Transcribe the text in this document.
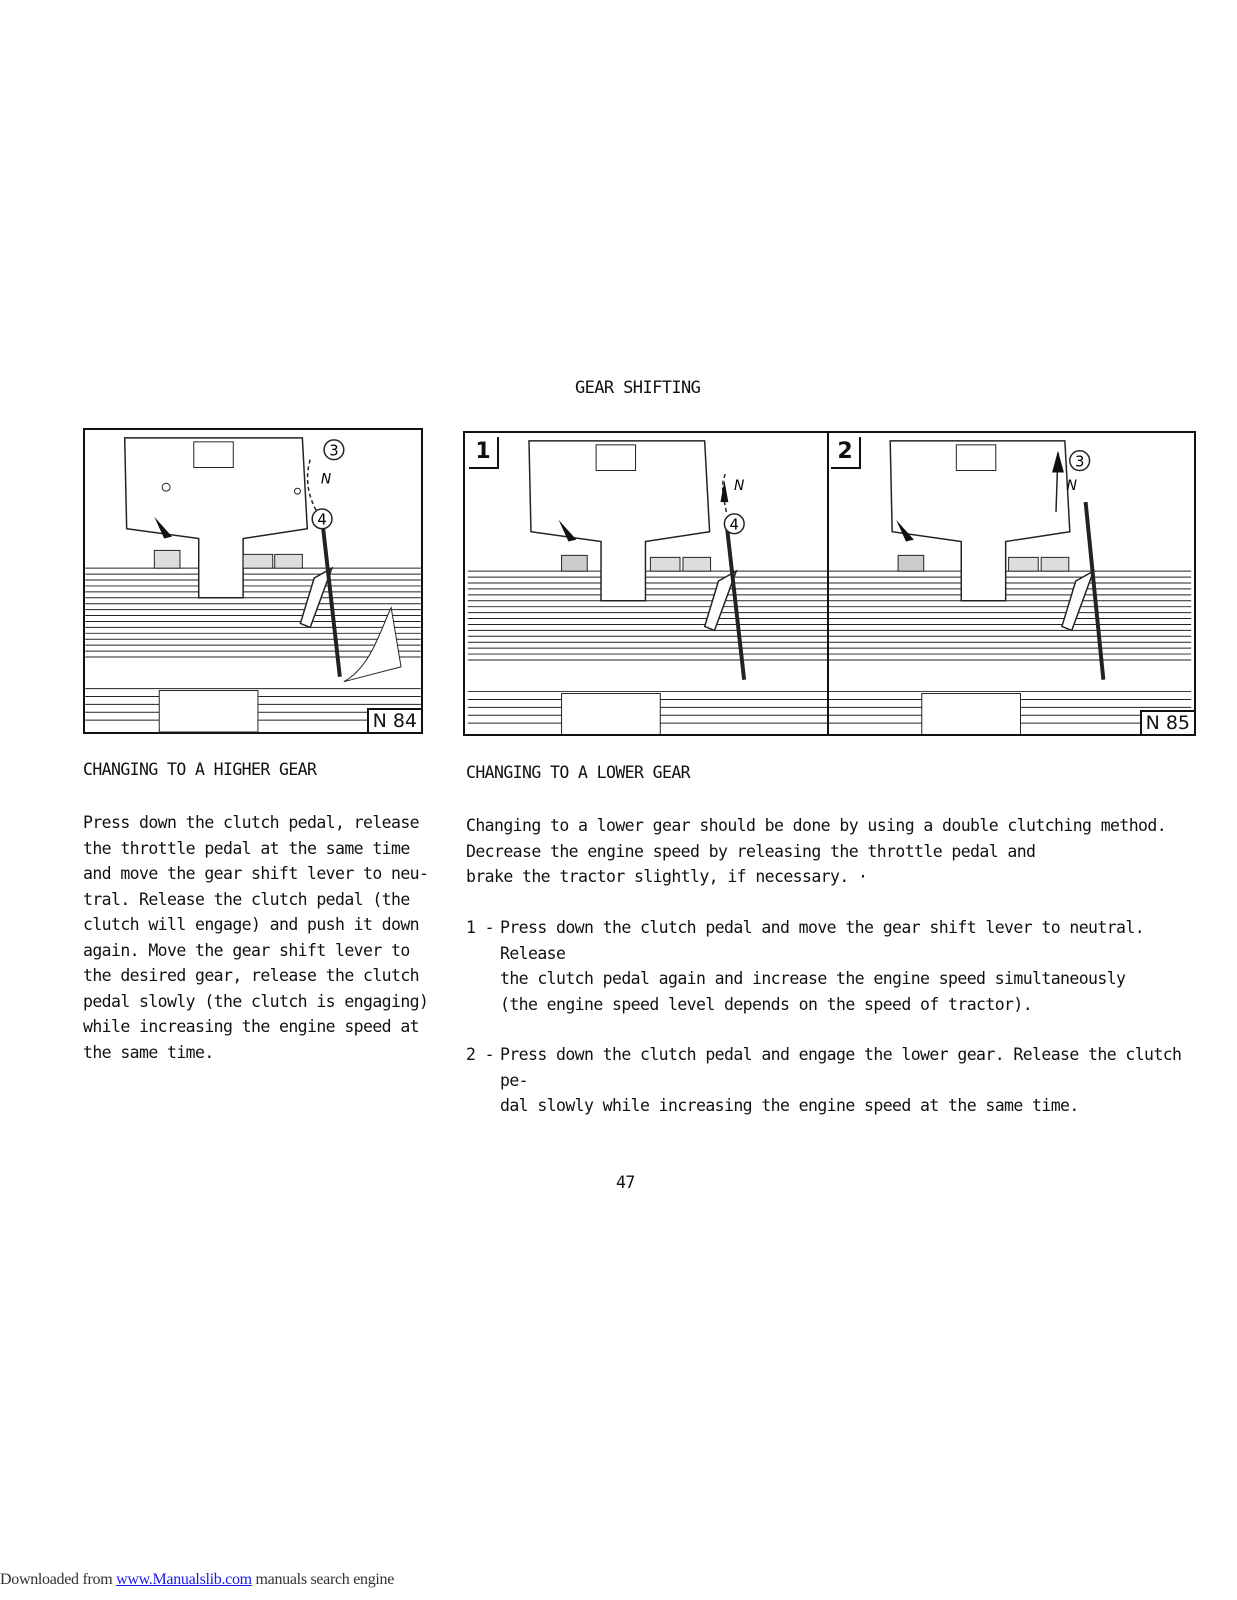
GEAR SHIFTING
3
N
4
N 84
N
4
3
N
1	2
N 85
CHANGING TO A HIGHER GEAR

Press down the clutch pedal, release
the throttle pedal at the same time
and move the gear shift lever to neu-
tral. Release the clutch pedal (the
clutch will engage) and push it down
again. Move the gear shift lever to
the desired gear, release the clutch
pedal slowly (the clutch is engaging)
while increasing the engine speed at
the same time.

CHANGING TO A LOWER GEAR

Changing to a lower gear should be done by using a double clutching method.
Decrease the engine speed by releasing the throttle pedal and
brake the tractor slightly, if necessary. ·

1 - Press down the clutch pedal and move the gear shift lever to neutral. Release
the clutch pedal again and increase the engine speed simultaneously
(the engine speed level depends on the speed of tractor).
2 - Press down the clutch pedal and engage the lower gear. Release the clutch pe-
dal slowly while increasing the engine speed at the same time.
47
Downloaded from www.Manualslib.com manuals search engine
